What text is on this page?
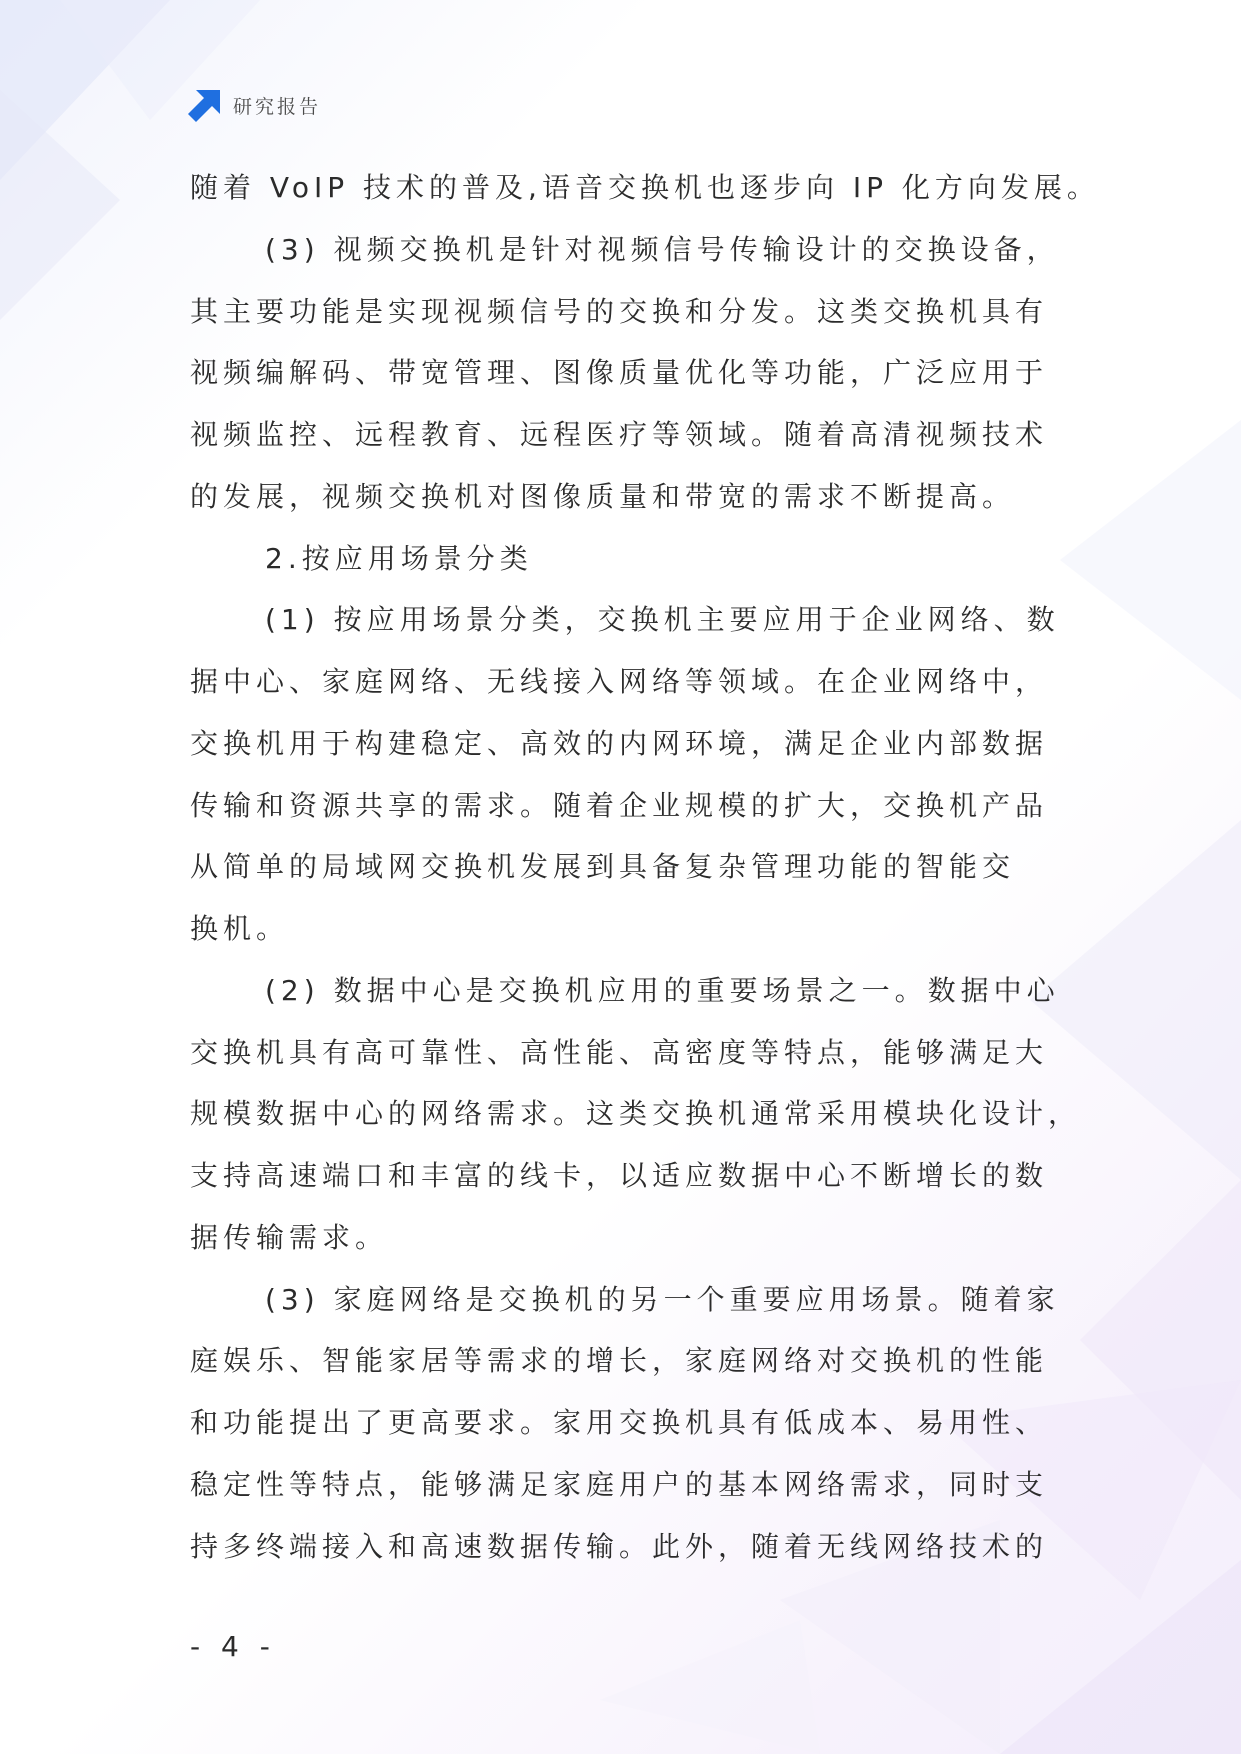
研究报告
随着 VoIP 技术的普及,语音交换机也逐步向 IP 化方向发展。
(3) 视频交换机是针对视频信号传输设计的交换设备，
其主要功能是实现视频信号的交换和分发。这类交换机具有
视频编解码、带宽管理、图像质量优化等功能，广泛应用于
视频监控、远程教育、远程医疗等领域。随着高清视频技术
的发展，视频交换机对图像质量和带宽的需求不断提高。
2.按应用场景分类
(1) 按应用场景分类，交换机主要应用于企业网络、数
据中心、家庭网络、无线接入网络等领域。在企业网络中，
交换机用于构建稳定、高效的内网环境，满足企业内部数据
传输和资源共享的需求。随着企业规模的扩大，交换机产品
从简单的局域网交换机发展到具备复杂管理功能的智能交
换机。
(2) 数据中心是交换机应用的重要场景之一。数据中心
交换机具有高可靠性、高性能、高密度等特点，能够满足大
规模数据中心的网络需求。这类交换机通常采用模块化设计，
支持高速端口和丰富的线卡，以适应数据中心不断增长的数
据传输需求。
(3) 家庭网络是交换机的另一个重要应用场景。随着家
庭娱乐、智能家居等需求的增长，家庭网络对交换机的性能
和功能提出了更高要求。家用交换机具有低成本、易用性、
稳定性等特点，能够满足家庭用户的基本网络需求，同时支
持多终端接入和高速数据传输。此外，随着无线网络技术的
- 4 -
